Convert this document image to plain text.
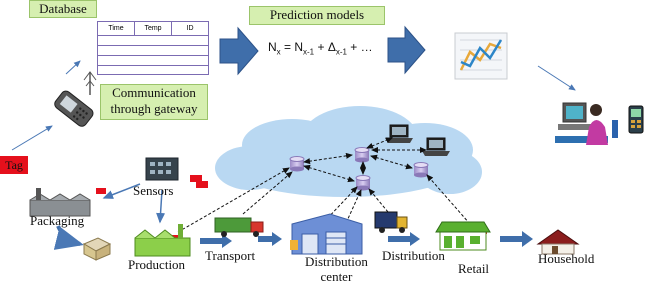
Database	Prediction models
Communication
through gateway
Time	Temp	ID
$N_x = N_{x-1} + \Delta_{x-1}$ + …
Tag
Sensors
Packaging
Production
Transport	Distribution
center
Distribution
Retail
Household
